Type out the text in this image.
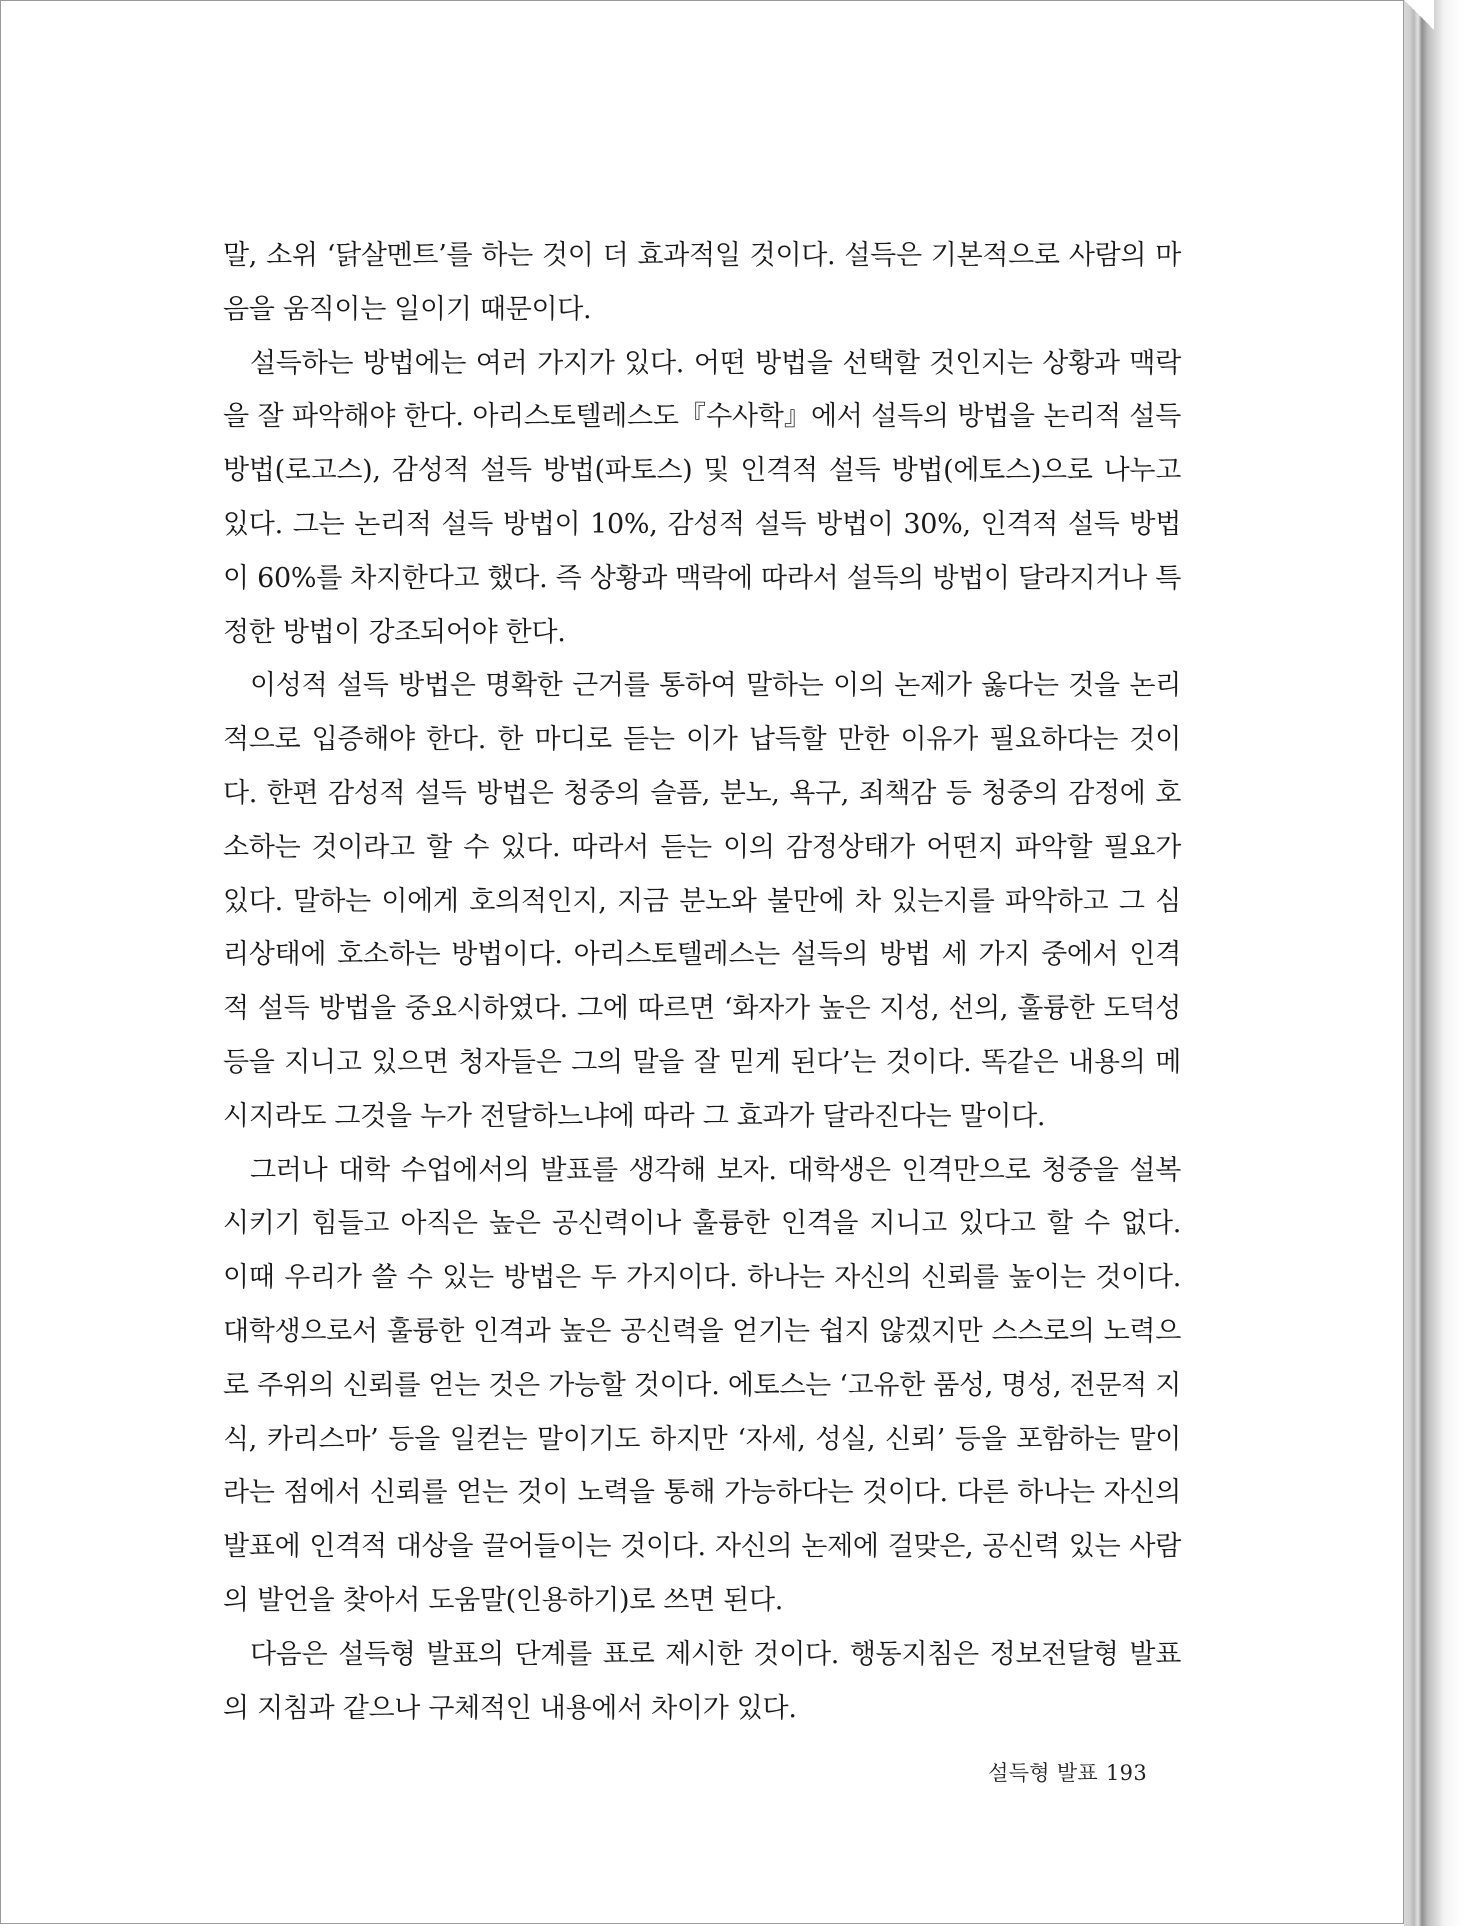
말, 소위 ‘닭살멘트’를 하는 것이 더 효과적일 것이다. 설득은 기본적으로 사람의 마음을 움직이는 일이기 때문이다.

설득하는 방법에는 여러 가지가 있다. 어떤 방법을 선택할 것인지는 상황과 맥락을 잘 파악해야 한다. 아리스토텔레스도『수사학』에서 설득의 방법을 논리적 설득 방법(로고스), 감성적 설득 방법(파토스) 및 인격적 설득 방법(에토스)으로 나누고 있다. 그는 논리적 설득 방법이 10%, 감성적 설득 방법이 30%, 인격적 설득 방법이 60%를 차지한다고 했다. 즉 상황과 맥락에 따라서 설득의 방법이 달라지거나 특정한 방법이 강조되어야 한다.

이성적 설득 방법은 명확한 근거를 통하여 말하는 이의 논제가 옳다는 것을 논리적으로 입증해야 한다. 한 마디로 듣는 이가 납득할 만한 이유가 필요하다는 것이다. 한편 감성적 설득 방법은 청중의 슬픔, 분노, 욕구, 죄책감 등 청중의 감정에 호소하는 것이라고 할 수 있다. 따라서 듣는 이의 감정상태가 어떤지 파악할 필요가 있다. 말하는 이에게 호의적인지, 지금 분노와 불만에 차 있는지를 파악하고 그 심리상태에 호소하는 방법이다. 아리스토텔레스는 설득의 방법 세 가지 중에서 인격적 설득 방법을 중요시하였다. 그에 따르면 ‘화자가 높은 지성, 선의, 훌륭한 도덕성 등을 지니고 있으면 청자들은 그의 말을 잘 믿게 된다’는 것이다. 똑같은 내용의 메시지라도 그것을 누가 전달하느냐에 따라 그 효과가 달라진다는 말이다.

그러나 대학 수업에서의 발표를 생각해 보자. 대학생은 인격만으로 청중을 설복시키기 힘들고 아직은 높은 공신력이나 훌륭한 인격을 지니고 있다고 할 수 없다. 이때 우리가 쓸 수 있는 방법은 두 가지이다. 하나는 자신의 신뢰를 높이는 것이다. 대학생으로서 훌륭한 인격과 높은 공신력을 얻기는 쉽지 않겠지만 스스로의 노력으로 주위의 신뢰를 얻는 것은 가능할 것이다. 에토스는 ‘고유한 품성, 명성, 전문적 지식, 카리스마’ 등을 일컫는 말이기도 하지만 ‘자세, 성실, 신뢰’ 등을 포함하는 말이라는 점에서 신뢰를 얻는 것이 노력을 통해 가능하다는 것이다. 다른 하나는 자신의 발표에 인격적 대상을 끌어들이는 것이다. 자신의 논제에 걸맞은, 공신력 있는 사람의 발언을 찾아서 도움말(인용하기)로 쓰면 된다.

다음은 설득형 발표의 단계를 표로 제시한 것이다. 행동지침은 정보전달형 발표의 지침과 같으나 구체적인 내용에서 차이가 있다.

설득형 발표 193
